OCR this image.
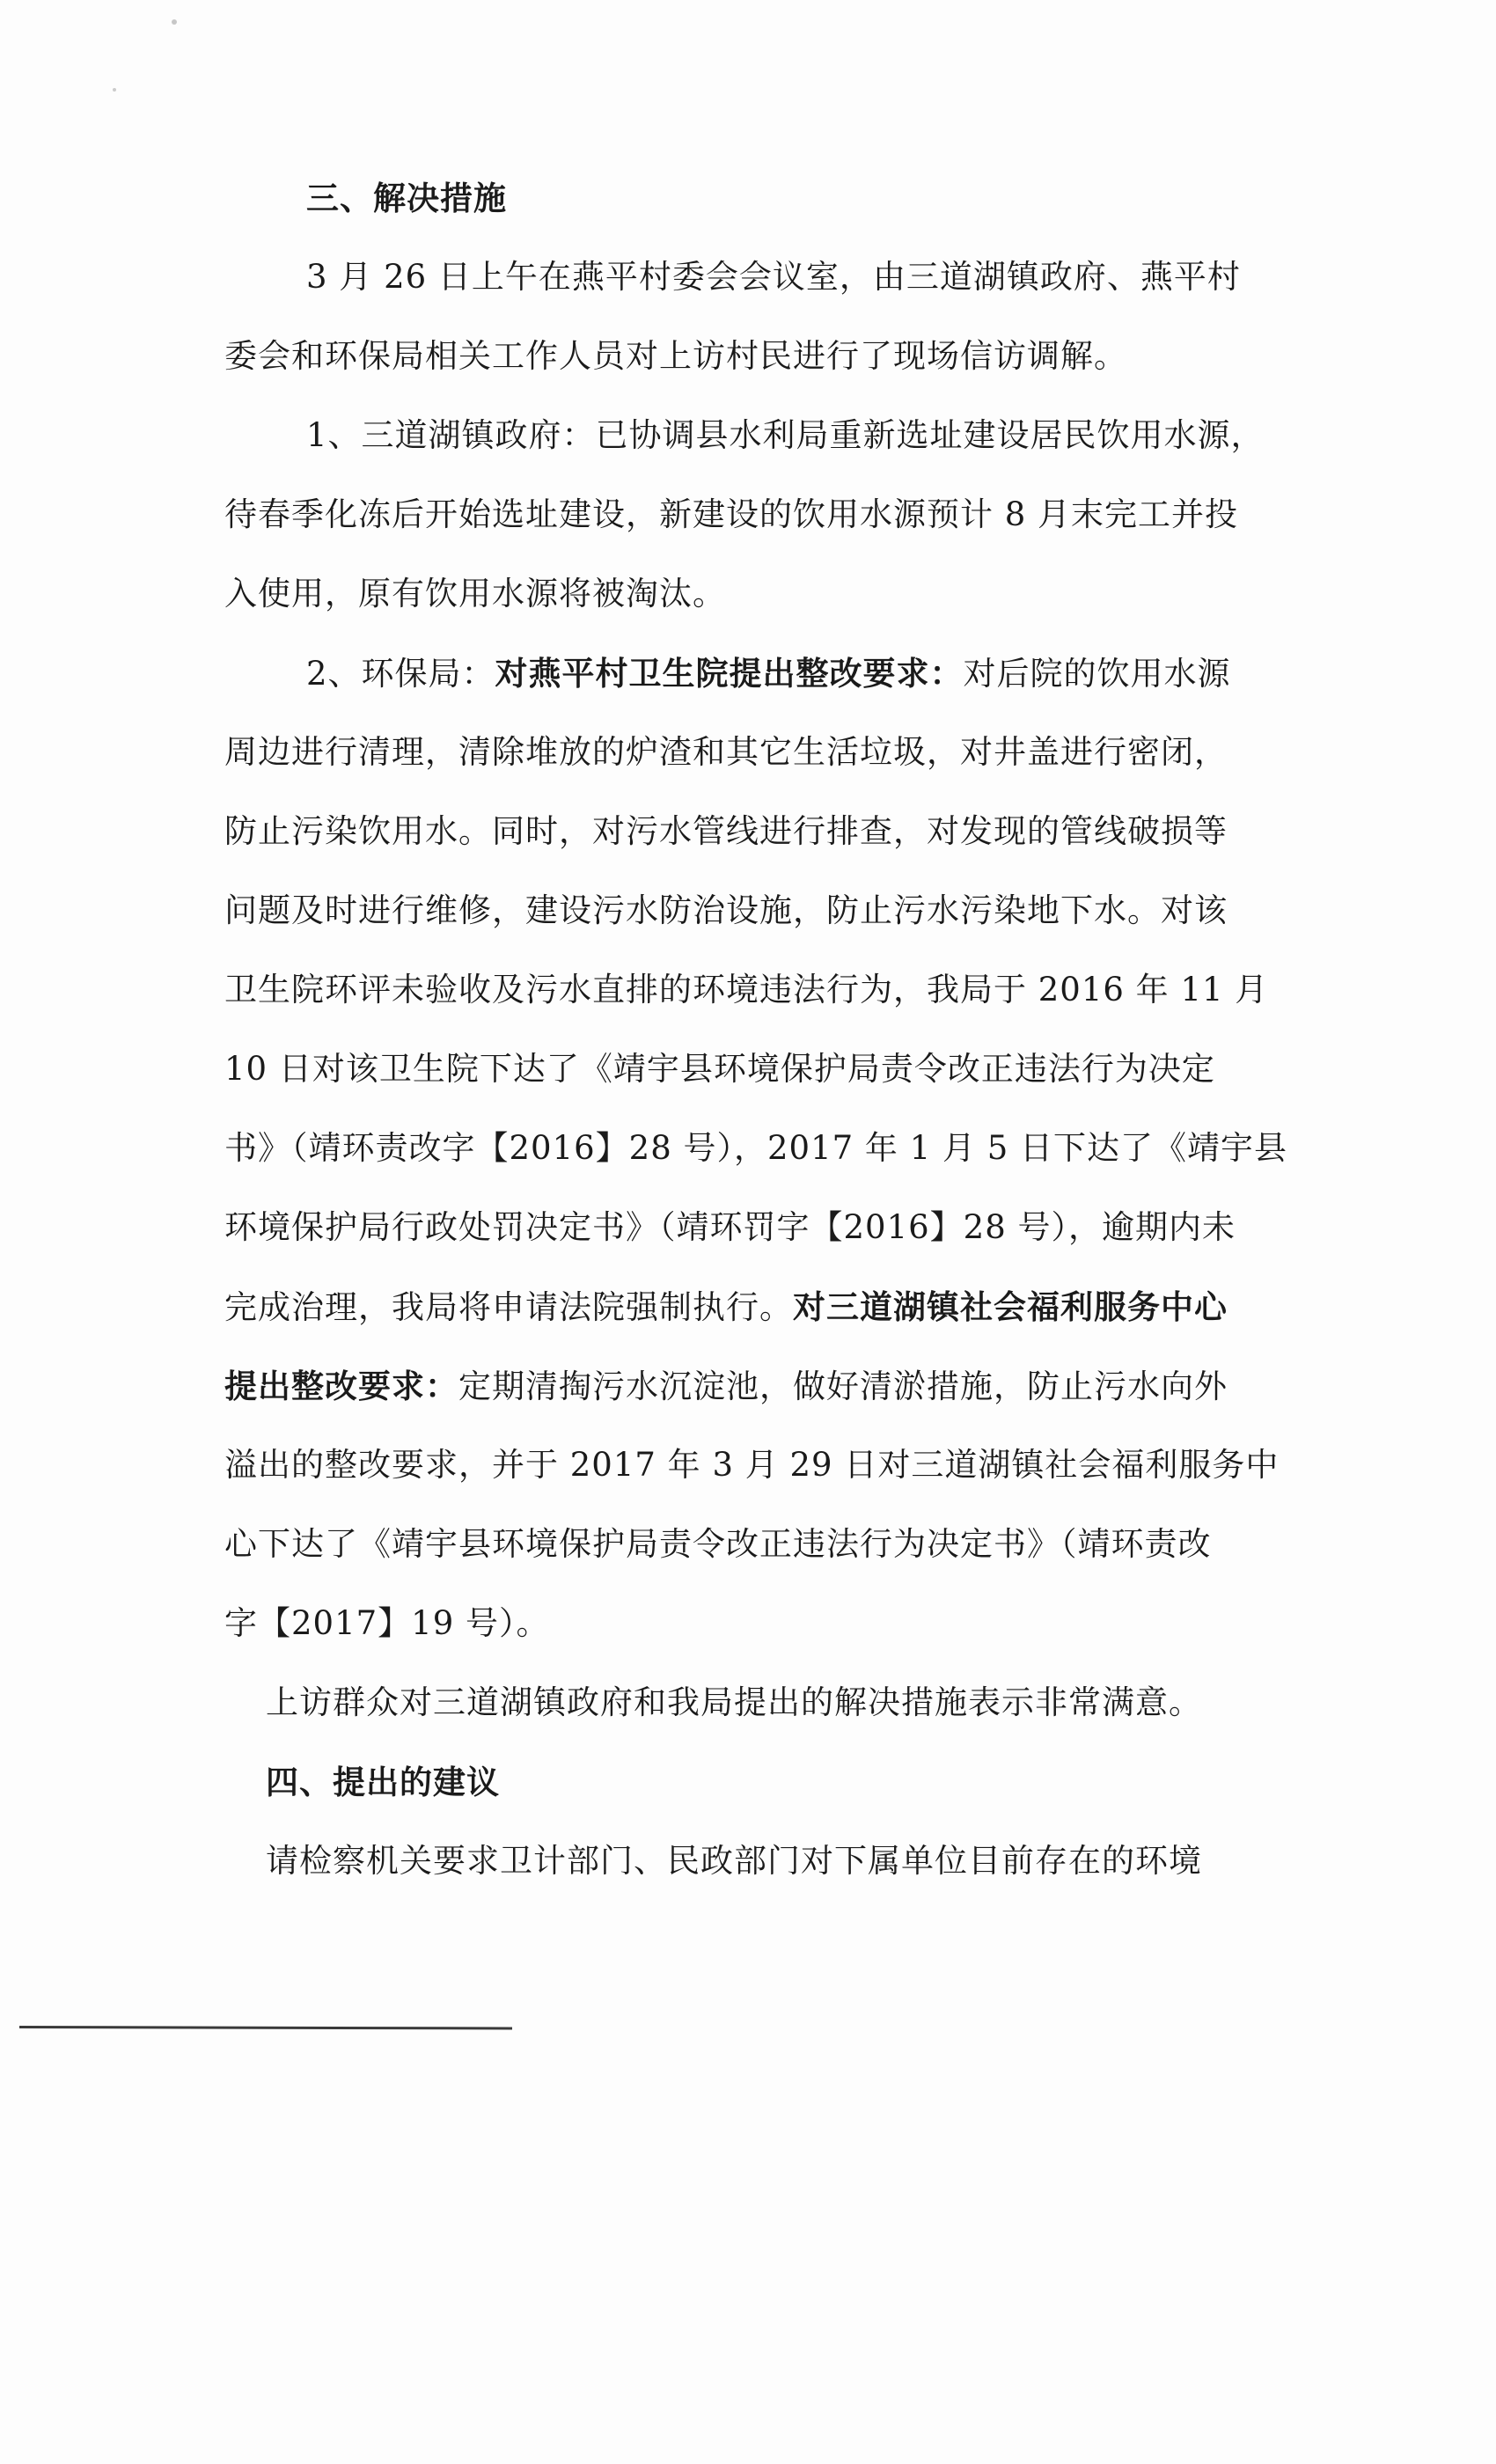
三、解决措施
3 月 26 日上午在燕平村委会会议室，由三道湖镇政府、燕平村
委会和环保局相关工作人员对上访村民进行了现场信访调解。
1、三道湖镇政府：已协调县水利局重新选址建设居民饮用水源，
待春季化冻后开始选址建设，新建设的饮用水源预计 8 月末完工并投
入使用，原有饮用水源将被淘汰。
2、环保局：对燕平村卫生院提出整改要求：对后院的饮用水源
周边进行清理，清除堆放的炉渣和其它生活垃圾，对井盖进行密闭，
防止污染饮用水。同时，对污水管线进行排查，对发现的管线破损等
问题及时进行维修，建设污水防治设施，防止污水污染地下水。对该
卫生院环评未验收及污水直排的环境违法行为，我局于 2016 年 11 月
10 日对该卫生院下达了《靖宇县环境保护局责令改正违法行为决定
书》（靖环责改字【2016】28 号），2017 年 1 月 5 日下达了《靖宇县
环境保护局行政处罚决定书》（靖环罚字【2016】28 号），逾期内未
完成治理，我局将申请法院强制执行。对三道湖镇社会福利服务中心
提出整改要求：定期清掏污水沉淀池，做好清淤措施，防止污水向外
溢出的整改要求，并于 2017 年 3 月 29 日对三道湖镇社会福利服务中
心下达了《靖宇县环境保护局责令改正违法行为决定书》（靖环责改
字【2017】19 号）。
上访群众对三道湖镇政府和我局提出的解决措施表示非常满意。
四、提出的建议
请检察机关要求卫计部门、民政部门对下属单位目前存在的环境
